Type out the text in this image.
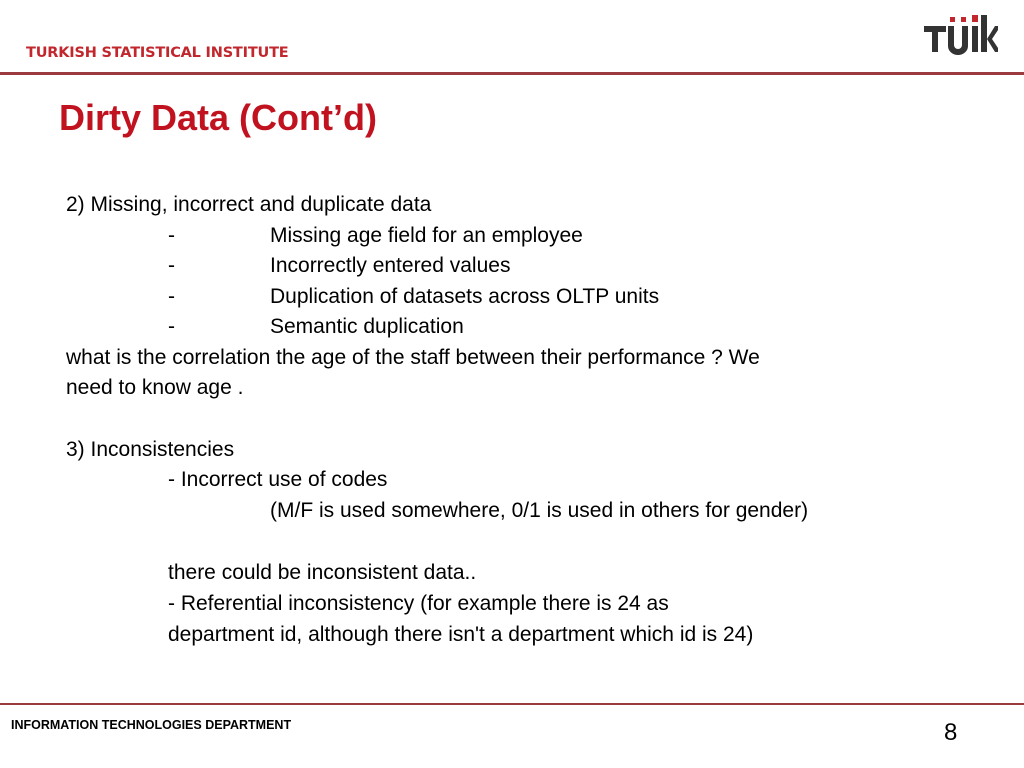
TURKISH STATISTICAL INSTITUTE
Dirty Data (Cont’d)
2) Missing, incorrect and duplicate data
-	Missing age field for an employee
-	Incorrectly entered values
-	Duplication of datasets across OLTP units
-	Semantic duplication
what is the correlation the age of the staff between their performance ? We
need to know age .
3) Inconsistencies
- Incorrect use of codes
(M/F is used somewhere, 0/1 is used in others for gender)
there could be inconsistent data..
- Referential inconsistency (for example there is 24 as
department id, although there isn't a department which id is 24)
INFORMATION TECHNOLOGIES DEPARTMENT	8
